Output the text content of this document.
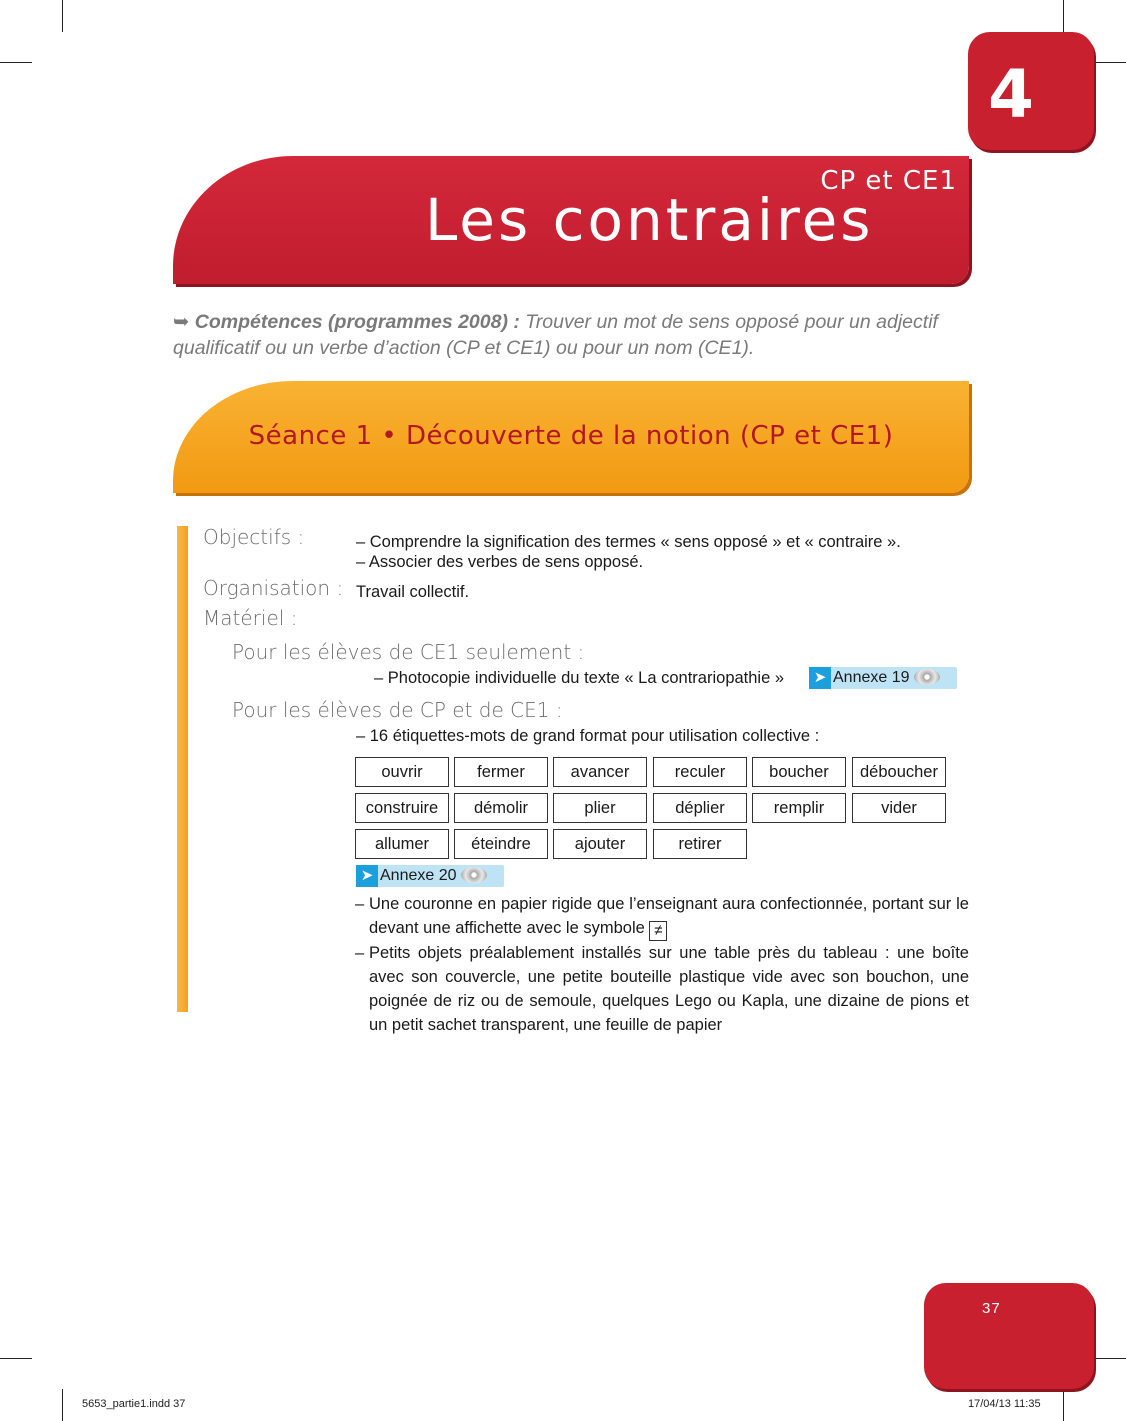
4
CP et CE1
Les contraires
➥ Compétences (programmes 2008) : Trouver un mot de sens opposé pour un adjectif qualificatif ou un verbe d’action (CP et CE1) ou pour un nom (CE1).
Séance 1 • Découverte de la notion (CP et CE1)
Objectifs :	– Comprendre la signification des termes « sens opposé » et « contraire ».
– Associer des verbes de sens opposé.
Organisation : Travail collectif.
Matériel :
Pour les élèves de CE1 seulement :
– Photocopie individuelle du texte « La contrariopathie »	➤ Annexe 19
Pour les élèves de CP et de CE1 :
– 16 étiquettes-mots de grand format pour utilisation collective :
ouvrir	fermer	avancer	reculer	boucher	déboucher
construire	démolir	plier	déplier	remplir	vider
allumer	éteindre	ajouter	retirer
➤ Annexe 20
– Une couronne en papier rigide que l’enseignant aura confectionnée, portant sur le devant une affichette avec le symbole ≠
– Petits objets préalablement installés sur une table près du tableau : une boîte avec son couvercle, une petite bouteille plastique vide avec son bouchon, une poignée de riz ou de semoule, quelques Lego ou Kapla, une dizaine de pions et un petit sachet transparent, une feuille de papier
37
5653_partie1.indd 37	17/04/13 11:35
